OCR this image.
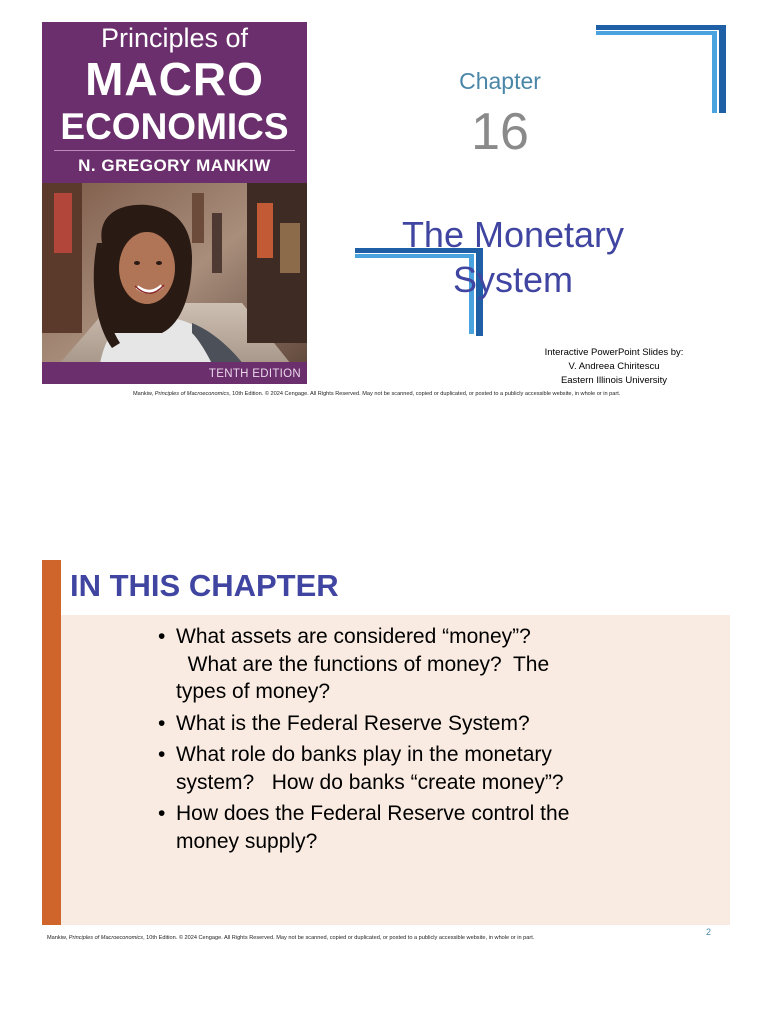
Principles of
MACRO
ECONOMICS
N. GREGORY MANKIW
TENTH EDITION
Chapter
16
The Monetary
System
Interactive PowerPoint Slides by:
V. Andreea Chiritescu
Eastern Illinois University
Mankiw, Principles of Macroeconomics, 10th Edition. © 2024 Cengage. All Rights Reserved. May not be scanned, copied or duplicated, or posted to a publicly accessible website, in whole or in part.
IN THIS CHAPTER
• What assets are considered “money”?
What are the functions of money?  The
types of money?
• What is the Federal Reserve System?
• What role do banks play in the monetary
system?   How do banks “create money”?
• How does the Federal Reserve control the
money supply?
2
Mankiw, Principles of Macroeconomics, 10th Edition. © 2024 Cengage. All Rights Reserved. May not be scanned, copied or duplicated, or posted to a publicly accessible website, in whole or in part.
